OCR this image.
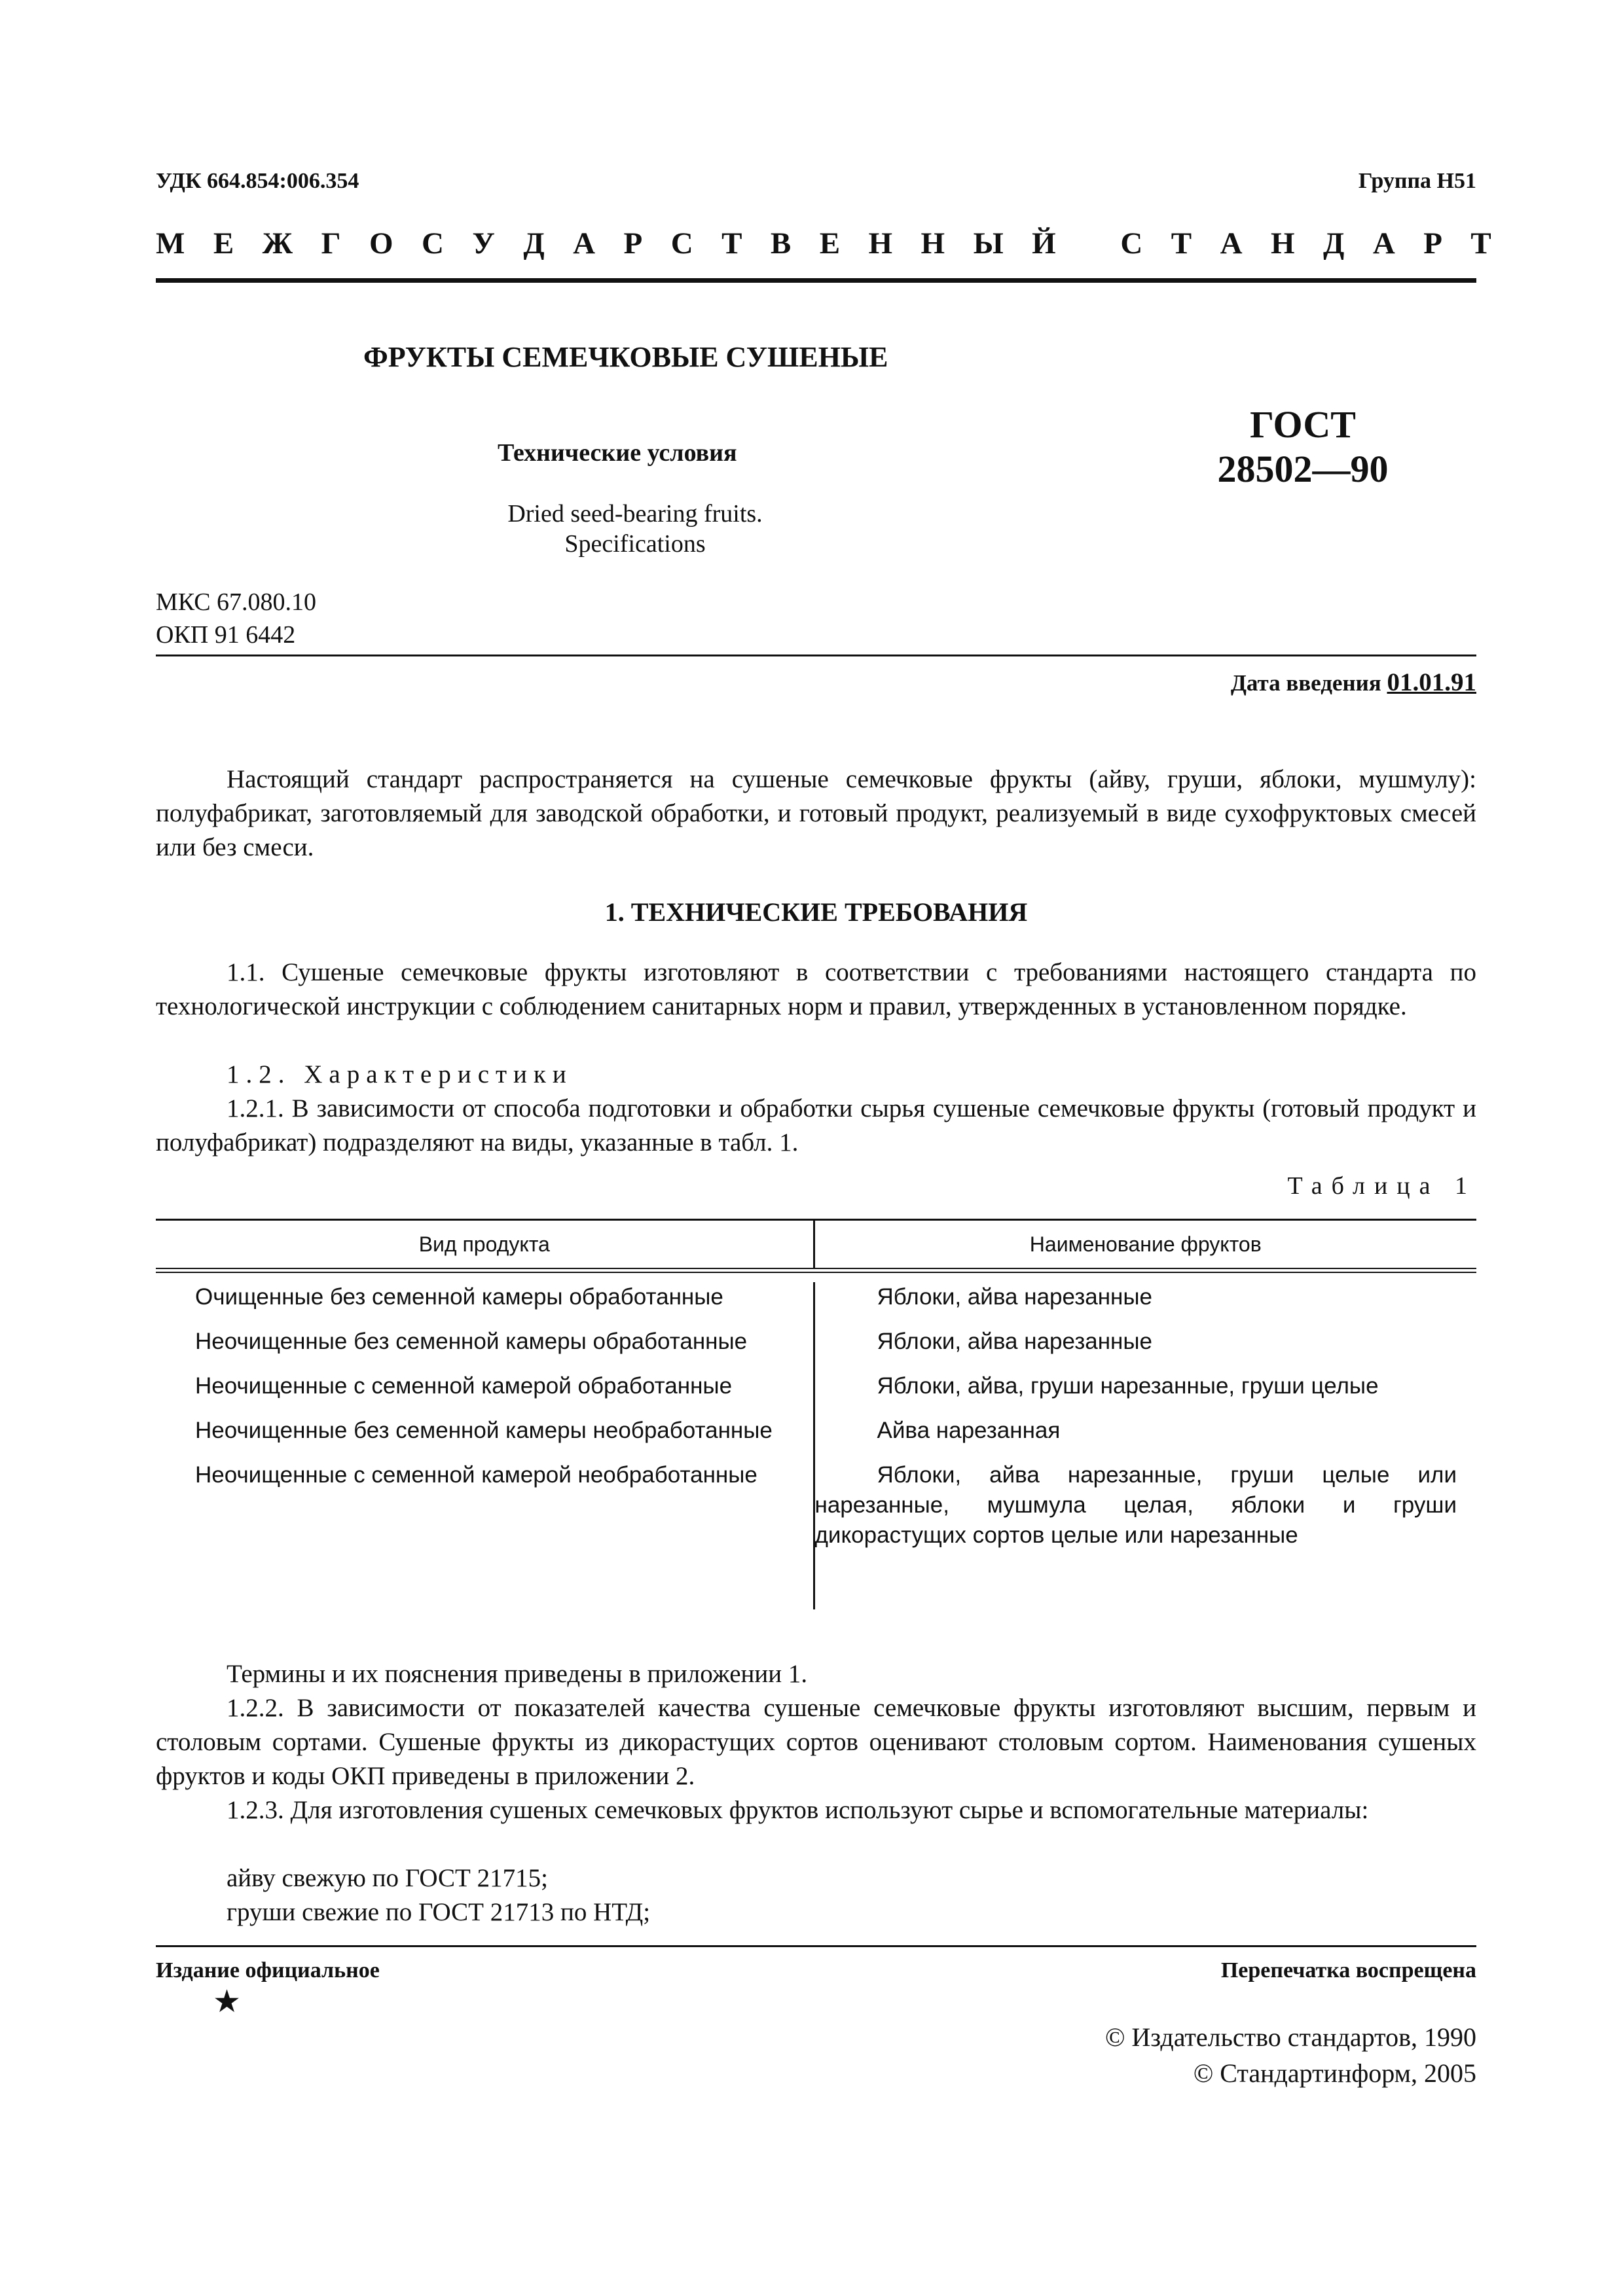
УДК 664.854:006.354	Группа Н51
М Е Ж Г О С У Д А Р С Т В Е Н Н Ы Й
С Т А Н Д А Р Т
ФРУКТЫ СЕМЕЧКОВЫЕ СУШЕНЫЕ
Технические условия
Dried seed-bearing fruits.
Specifications
ГОСТ
28502—90
МКС 67.080.10
ОКП 91 6442
Дата введения 01.01.91
Настоящий стандарт распространяется на сушеные семечковые фрукты (айву, груши, яблоки, мушмулу): полуфабрикат, заготовляемый для заводской обработки, и готовый продукт, реализуемый в виде сухофруктовых смесей или без смеси.
1. ТЕХНИЧЕСКИЕ ТРЕБОВАНИЯ
1.1. Сушеные семечковые фрукты изготовляют в соответствии с требованиями настоящего стандарта по технологической инструкции с соблюдением санитарных норм и правил, утвержденных в установленном порядке.
1.2. Характеристики
1.2.1. В зависимости от способа подготовки и обработки сырья сушеные семечковые фрукты (готовый продукт и полуфабрикат) подразделяют на виды, указанные в табл. 1.
Таблица 1
Вид продукта	Наименование фруктов

Очищенные без семенной камеры обработанные	Яблоки, айва нарезанные
Неочищенные без семенной камеры обработанные	Яблоки, айва нарезанные
Неочищенные с семенной камерой обработанные	Яблоки, айва, груши нарезанные, груши целые
Неочищенные без семенной камеры необработанные	Айва нарезанная
Неочищенные с семенной камерой необработанные	Яблоки, айва нарезанные, груши целые или нарезанные, мушмула целая, яблоки и груши дикорастущих сортов целые или нарезанные
Термины и их пояснения приведены в приложении 1.
1.2.2. В зависимости от показателей качества сушеные семечковые фрукты изготовляют высшим, первым и столовым сортами. Сушеные фрукты из дикорастущих сортов оценивают столовым сортом. Наименования сушеных фруктов и коды ОКП приведены в приложении 2.
1.2.3. Для изготовления сушеных семечковых фруктов используют сырье и вспомогательные материалы:
айву свежую по ГОСТ 21715;
груши свежие по ГОСТ 21713 по НТД;
Издание официальное	Перепечатка воспрещена
★
© Издательство стандартов, 1990
© Стандартинформ, 2005
